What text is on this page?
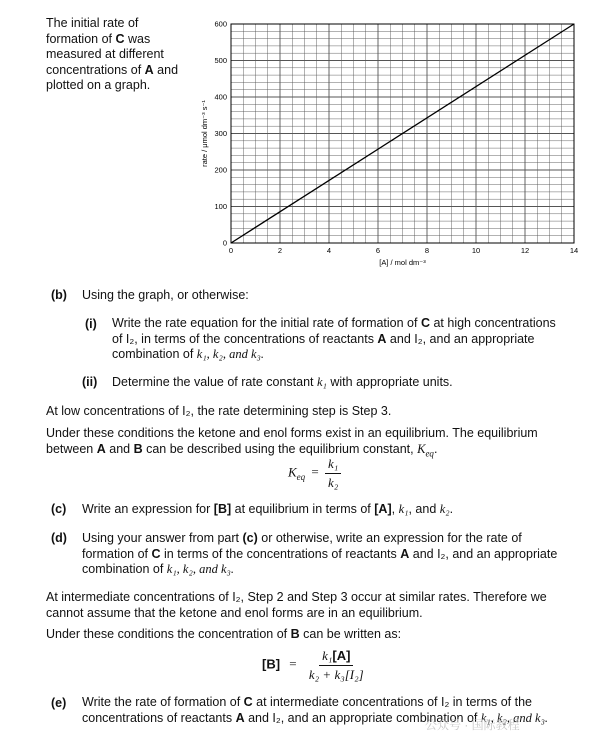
The initial rate of
formation of C was
measured at different
concentrations of A and
plotted on a graph.
0	2	4	6	8	10	12	14
0
100
200
300
400
500
600
[A] / mol dm⁻³
rate / μmol dm⁻³ s⁻¹
(b) Using the graph, or otherwise:
(i) Write the rate equation for the initial rate of formation of C at high concentrations
of I₂, in terms of the concentrations of reactants A and I₂, and an appropriate
combination of k₁, k₂, and k₃.
(ii) Determine the value of rate constant k₁ with appropriate units.
At low concentrations of I₂, the rate determining step is Step 3.
Under these conditions the ketone and enol forms exist in an equilibrium. The equilibrium
between A and B can be described using the equilibrium constant, $K_{eq}$.
$K_{eq} = \frac{\text{k₁}}{\text{k₂}}$
(c) Write an expression for [B] at equilibrium in terms of [A], k₁, and k₂.
(d) Using your answer from part (c) or otherwise, write an expression for the rate of
formation of C in terms of the concentrations of reactants A and I₂, and an appropriate
combination of k₁, k₂, and k₃.
At intermediate concentrations of I₂, Step 2 and Step 3 occur at similar rates. Therefore we
cannot assume that the ketone and enol forms are in an equilibrium.
Under these conditions the concentration of B can be written as:
$[B] = \frac{\text{k₁[A]}}{\text{k₂ + k₃[I₂]}}$
(e) Write the rate of formation of C at intermediate concentrations of I₂ in terms of the
concentrations of reactants A and I₂, and an appropriate combination of k₁, k₂, and k₃.
公众号 · 国际教程
